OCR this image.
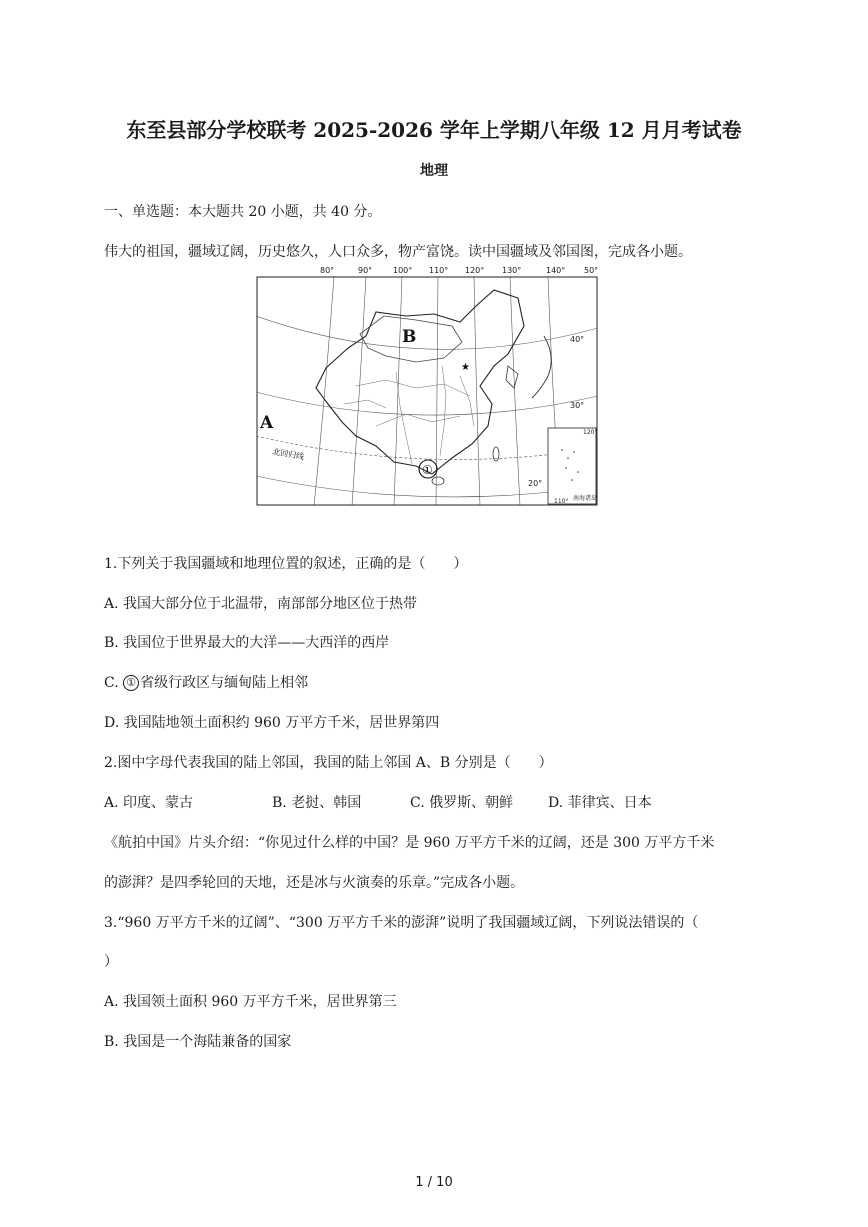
东至县部分学校联考 2025-2026 学年上学期八年级 12 月月考试卷
地理
一、单选题：本大题共 20 小题，共 40 分。
伟大的祖国，疆域辽阔，历史悠久，人口众多，物产富饶。读中国疆域及邻国图，完成各小题。
★
120°
110° 南海诸岛
B
A
①
北回归线
40°
30°
20°
80°	90°	100° 110° 120° 130°	140° 50°
1.下列关于我国疆域和地理位置的叙述，正确的是（　　）
A. 我国大部分位于北温带，南部部分地区位于热带
B. 我国位于世界最大的大洋——大西洋的西岸
C. ① 省级行政区与缅甸陆上相邻
D. 我国陆地领土面积约 960 万平方千米，居世界第四
2.图中字母代表我国的陆上邻国，我国的陆上邻国 A、B 分别是（　　）
A. 印度、蒙古	B. 老挝、韩国	C. 俄罗斯、朝鲜 D. 菲律宾、日本
《航拍中国》片头介绍：“你见过什么样的中国？是 960 万平方千米的辽阔，还是 300 万平方千米
的澎湃？是四季轮回的天地，还是冰与火演奏的乐章。”完成各小题。
3.“960 万平方千米的辽阔”、“300 万平方千米的澎湃”说明了我国疆域辽阔，下列说法错误的（
）
A. 我国领土面积 960 万平方千米，居世界第三
B. 我国是一个海陆兼备的国家
1 / 10
